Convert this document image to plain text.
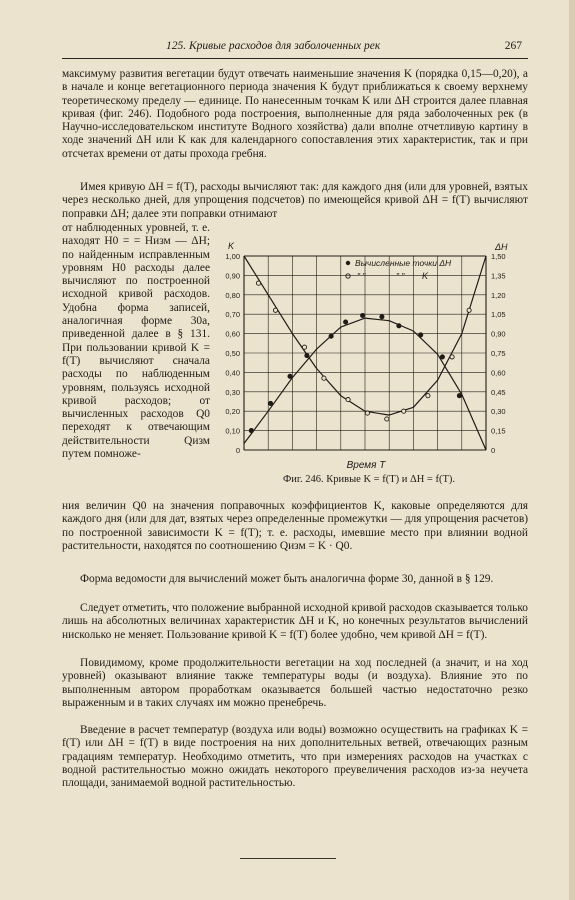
125. Кривые расходов для заболоченных рек	267

максимуму развития вегетации будут отвечать наименьшие значения K (порядка 0,15—0,20), а в начале и конце вегетационного периода значения K будут приближаться к своему верхнему теоретическому пределу — единице. По нанесенным точкам K или ΔH строится далее плавная кривая (фиг. 246). Подобного рода построения, выполненные для ряда заболоченных рек (в Научно-исследовательском институте Водного хозяйства) дали вполне отчетливую картину в ходе значений ΔH или K как для календарного сопоставления этих характеристик, так и при отсчетах времени от даты прохода гребня.

Имея кривую ΔH = f(T), расходы вычисляют так: для каждого дня (или для уровней, взятых через несколько дней, для упрощения подсчетов) по имеющейся кривой ΔH = f(T) вычисляют поправки ΔH; далее эти поправки отнимают

от наблюденных уровней, т. е. находят H0 = = Hизм — ΔH; по найденным исправленным уровням H0 расходы далее вычисляют по построенной исходной кривой расходов. Удобна форма записей, аналогичная форме 30а, приведенной далее в § 131. При пользовании кривой K = f(T) вычисляют сначала расходы по наблюденным уровням, пользуясь исходной кривой расходов; от вычисленных расходов Q0 переходят к отвечающим действительности Qизм путем помноже-	0	0
0,10	0,15
0,20	0,30
0,30	0,45
0,40	0,60
0,50	0,75
0,60	0,90
0,70	1,05
0,80	1,20
0,90	1,35
1,00	1,50
Вычисленные точки ΔH
" "	" " K
K	ΔH
Время T
Фиг. 246. Кривые K = f(T) и ΔH = f(T).

ния величин Q0 на значения поправочных коэффициентов K, каковые определяются для каждого дня (или для дат, взятых через определенные промежутки — для упрощения расчетов) по построенной зависимости K = f(T); т. е. расходы, имевшие место при влиянии водной растительности, находятся по соотношению Qизм = K · Q0.

Форма ведомости для вычислений может быть аналогична форме 30, данной в § 129.

Следует отметить, что положение выбранной исходной кривой расходов сказывается только лишь на абсолютных величинах характеристик ΔH и K, но конечных результатов вычислений нисколько не меняет. Пользование кривой K = f(T) более удобно, чем кривой ΔH = f(T).

Повидимому, кроме продолжительности вегетации на ход последней (а значит, и на ход уровней) оказывают влияние также температуры воды (и воздуха). Влияние это по выполненным автором проработкам оказывается большей частью недостаточно резко выраженным и в таких случаях им можно пренебречь.

Введение в расчет температур (воздуха или воды) возможно осуществить на графиках K = f(T) или ΔH = f(T) в виде построения на них дополнительных ветвей, отвечающих разным градациям температур. Необходимо отметить, что при измерениях расходов на участках с водной растительностью можно ожидать некоторого преувеличения расходов из-за неучета площади, занимаемой водной растительностью.
